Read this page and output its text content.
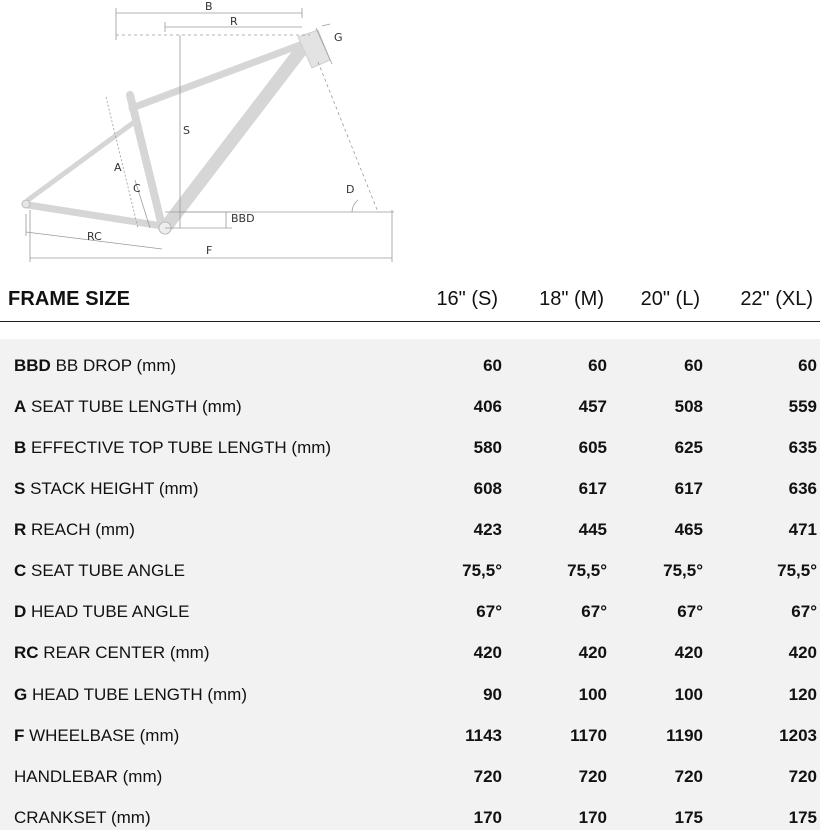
B
R
G
S
A
C	D
BBD
RC
F
FRAME SIZE	16" (S)	18" (M)	20" (L)	22" (XL)
BBD BB DROP (mm)	60	60	60	60
A SEAT TUBE LENGTH (mm)	406	457	508	559
B EFFECTIVE TOP TUBE LENGTH (mm)	580	605	625	635
S STACK HEIGHT (mm)	608	617	617	636
R REACH (mm)	423	445	465	471
C SEAT TUBE ANGLE	75,5°	75,5°	75,5°	75,5°
D HEAD TUBE ANGLE	67°	67°	67°	67°
RC REAR CENTER (mm)	420	420	420	420
G HEAD TUBE LENGTH (mm)	90	100	100	120
F WHEELBASE (mm)	1143	1170	1190	1203
HANDLEBAR (mm)	720	720	720	720
CRANKSET (mm)	170	170	175	175
